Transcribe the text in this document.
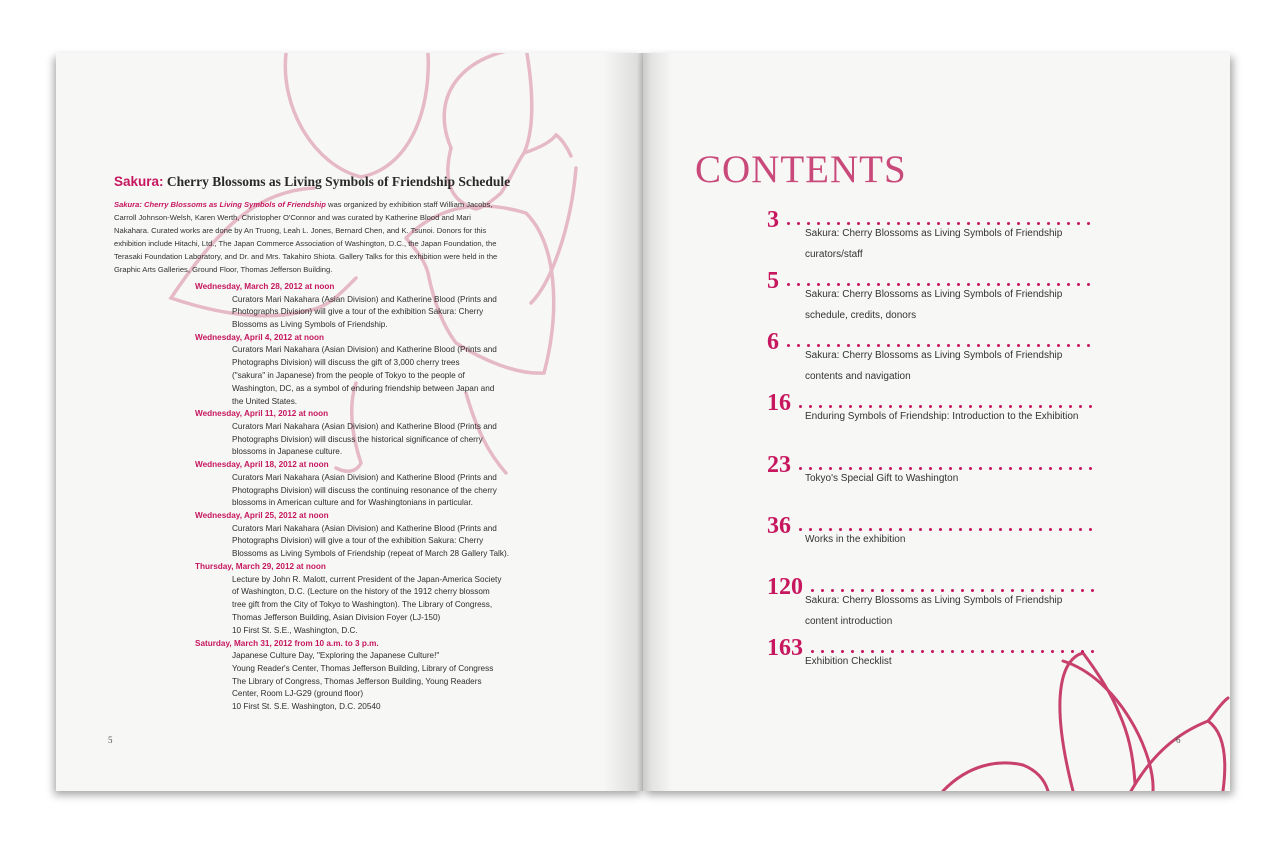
Sakura: Cherry Blossoms as Living Symbols of Friendship Schedule
Sakura: Cherry Blossoms as Living Symbols of Friendship was organized by exhibition staff William Jacobs, Carroll Johnson-Welsh, Karen Werth, Christopher O'Connor and was curated by Katherine Blood and Mari Nakahara. Curated works are done by An Truong, Leah L. Jones, Bernard Chen, and K. Tsunoi. Donors for this exhibition include Hitachi, Ltd., The Japan Commerce Association of Washington, D.C., the Japan Foundation, the Terasaki Foundation Laboratory, and Dr. and Mrs. Takahiro Shiota. Gallery Talks for this exhibition were held in the Graphic Arts Galleries, Ground Floor, Thomas Jefferson Building.
Wednesday, March 28, 2012 at noon
Curators Mari Nakahara (Asian Division) and Katherine Blood (Prints and
Photographs Division) will give a tour of the exhibition Sakura: Cherry
Blossoms as Living Symbols of Friendship.
Wednesday, April 4, 2012 at noon
Curators Mari Nakahara (Asian Division) and Katherine Blood (Prints and
Photographs Division) will discuss the gift of 3,000 cherry trees
("sakura" in Japanese) from the people of Tokyo to the people of
Washington, DC, as a symbol of enduring friendship between Japan and
the United States.
Wednesday, April 11, 2012 at noon
Curators Mari Nakahara (Asian Division) and Katherine Blood (Prints and
Photographs Division) will discuss the historical significance of cherry
blossoms in Japanese culture.
Wednesday, April 18, 2012 at noon
Curators Mari Nakahara (Asian Division) and Katherine Blood (Prints and
Photographs Division) will discuss the continuing resonance of the cherry
blossoms in American culture and for Washingtonians in particular.
Wednesday, April 25, 2012 at noon
Curators Mari Nakahara (Asian Division) and Katherine Blood (Prints and
Photographs Division) will give a tour of the exhibition Sakura: Cherry
Blossoms as Living Symbols of Friendship (repeat of March 28 Gallery Talk).
Thursday, March 29, 2012 at noon
Lecture by John R. Malott, current President of the Japan-America Society
of Washington, D.C. (Lecture on the history of the 1912 cherry blossom
tree gift from the City of Tokyo to Washington). The Library of Congress,
Thomas Jefferson Building, Asian Division Foyer (LJ-150)
10 First St. S.E., Washington, D.C.
Saturday, March 31, 2012 from 10 a.m. to 3 p.m.
Japanese Culture Day, "Exploring the Japanese Culture!"
Young Reader's Center, Thomas Jefferson Building, Library of Congress
The Library of Congress, Thomas Jefferson Building, Young Readers
Center, Room LJ-G29 (ground floor)
10 First St. S.E. Washington, D.C. 20540
5
CONTENTS
3
Sakura: Cherry Blossoms as Living Symbols of Friendship
curators/staff
5
Sakura: Cherry Blossoms as Living Symbols of Friendship
schedule, credits, donors
6
Sakura: Cherry Blossoms as Living Symbols of Friendship
contents and navigation
16
Enduring Symbols of Friendship: Introduction to the Exhibition
23
Tokyo's Special Gift to Washington
36
Works in the exhibition
120
Sakura: Cherry Blossoms as Living Symbols of Friendship
content introduction
163
Exhibition Checklist
6
